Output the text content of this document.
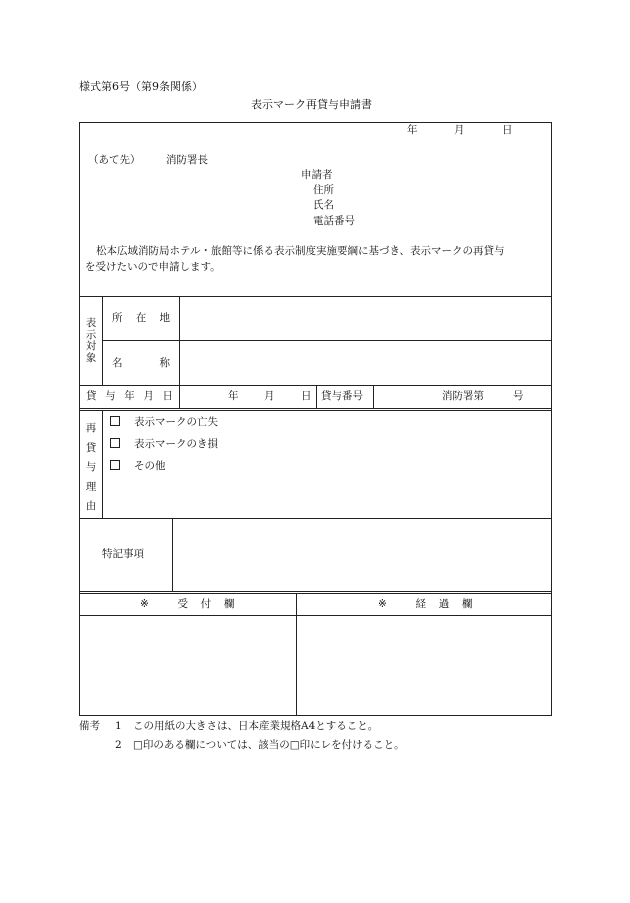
様式第6号（第9条関係）
表示マーク再貸与申請書
年	月	日
（あて先） 消防署長
申請者
住所
氏名
電話番号
松本広域消防局ホテル・旅館等に係る表示制度実施要綱に基づき、表示マークの再貸与
を受けたいので申請します。
表
示
対
象
所 在 地
名	称
貸 与 年 月 日	年 月	日 貸与番号	消防署第	号
再
貸
与
理
由
表示マークの亡失
表示マークのき損
その他
特記事項
※	受 付 欄	※	経 過 欄
備考 1 この用紙の大きさは、日本産業規格A4とすること。
2 □印のある欄については、該当の□印にレを付けること。
